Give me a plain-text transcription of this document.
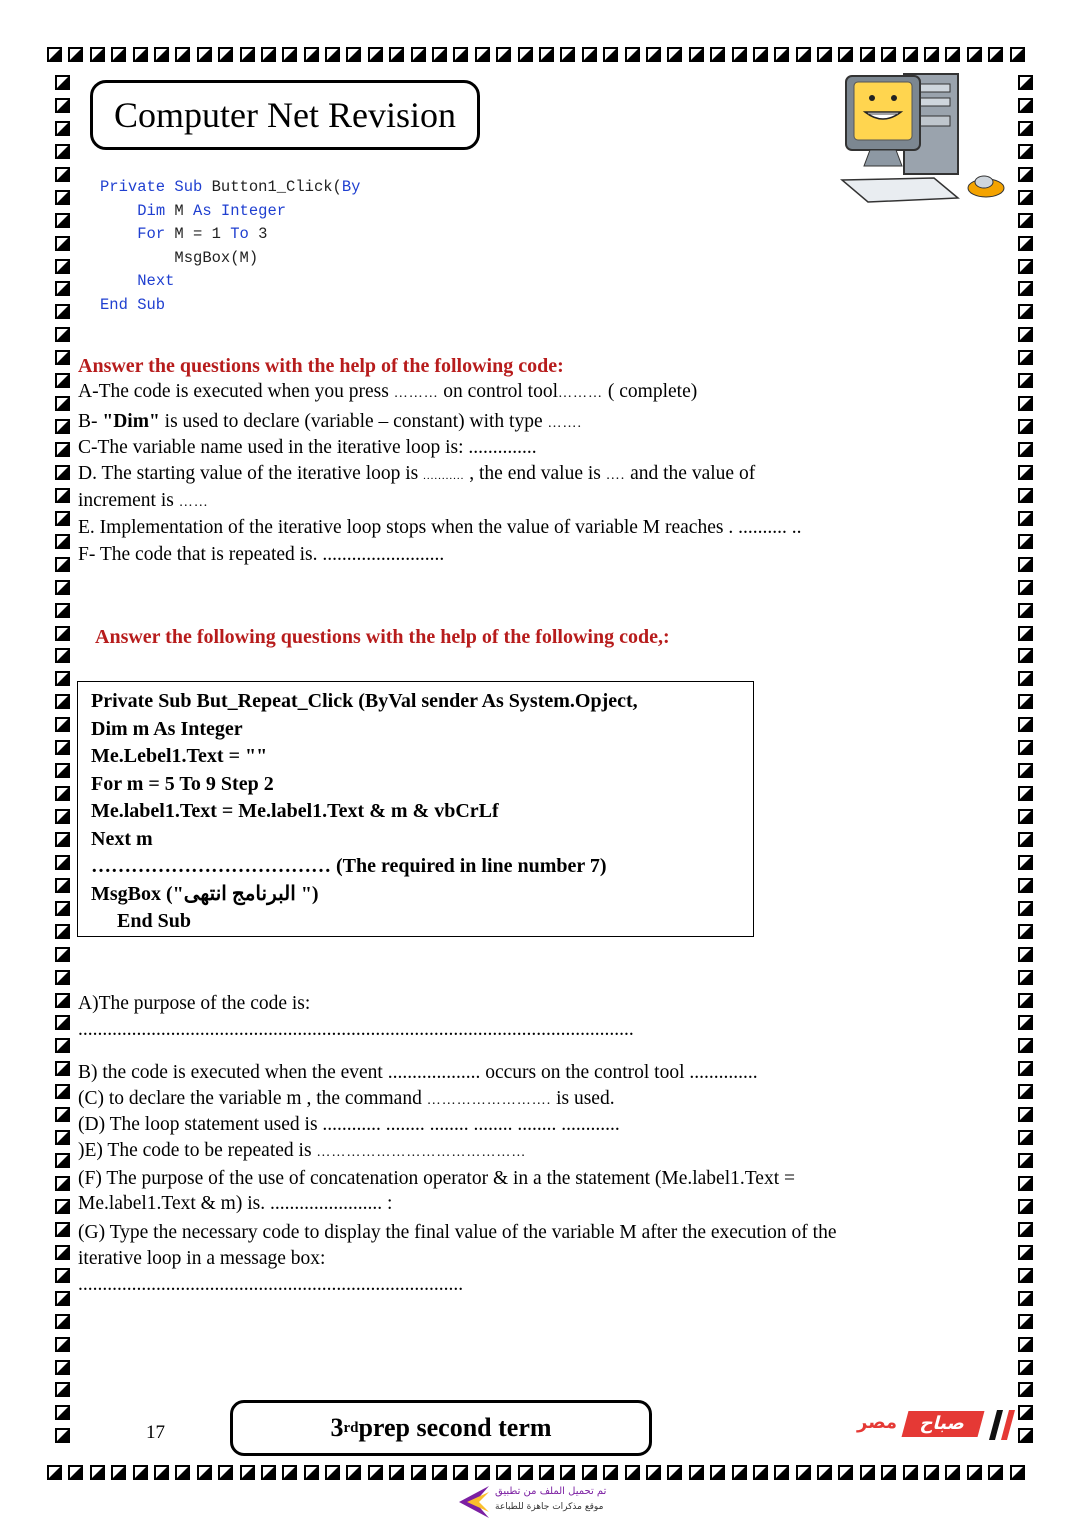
Computer Net Revision
Private Sub Button1_Click(By
Dim M As Integer
For M = 1 To 3
MsgBox(M)
Next
End Sub
Answer the questions with the help of the following code:
A-The code is executed when you press ……… on control tool……… ( complete)
B- "Dim" is used to declare (variable – constant) with type …….
C-The variable name used in the iterative loop is: ..............
D. The starting value of the iterative loop is ........... , the end value is …. and the value of
increment is ……
E. Implementation of the iterative loop stops when the value of variable M reaches . .......... ..
F- The code that is repeated is. .........................
Answer the following questions with the help of the following code,:
Private Sub But_Repeat_Click (ByVal sender As System.Opject,
Dim m As Integer
Me.Lebel1.Text = ""
For m = 5 To 9 Step 2
Me.label1.Text = Me.label1.Text & m & vbCrLf
Next m
……………………………… (The required in line number 7)
MsgBox ("البرنامج انتهى ")
End Sub
A)The purpose of the code is:
..................................................................................................................
B) the code is executed when the event ................... occurs on the control tool ..............
(C) to declare the variable m , the command ……………………. is used.
(D) The loop statement used is ............ ........ ........ ........ ........ ............
)E) The code to be repeated is ……………………………………
(F) The purpose of the use of concatenation operator & in a the statement (Me.label1.Text =
Me.label1.Text & m) is. ....................... :
(G) Type the necessary code to display the final value of the variable M after the execution of the
iterative loop in a message box:
...............................................................................
17	3 rd prep second term	مصر	صباح
تم تحميل الملف من تطبيق
موقع مذكرات جاهزة للطباعة
